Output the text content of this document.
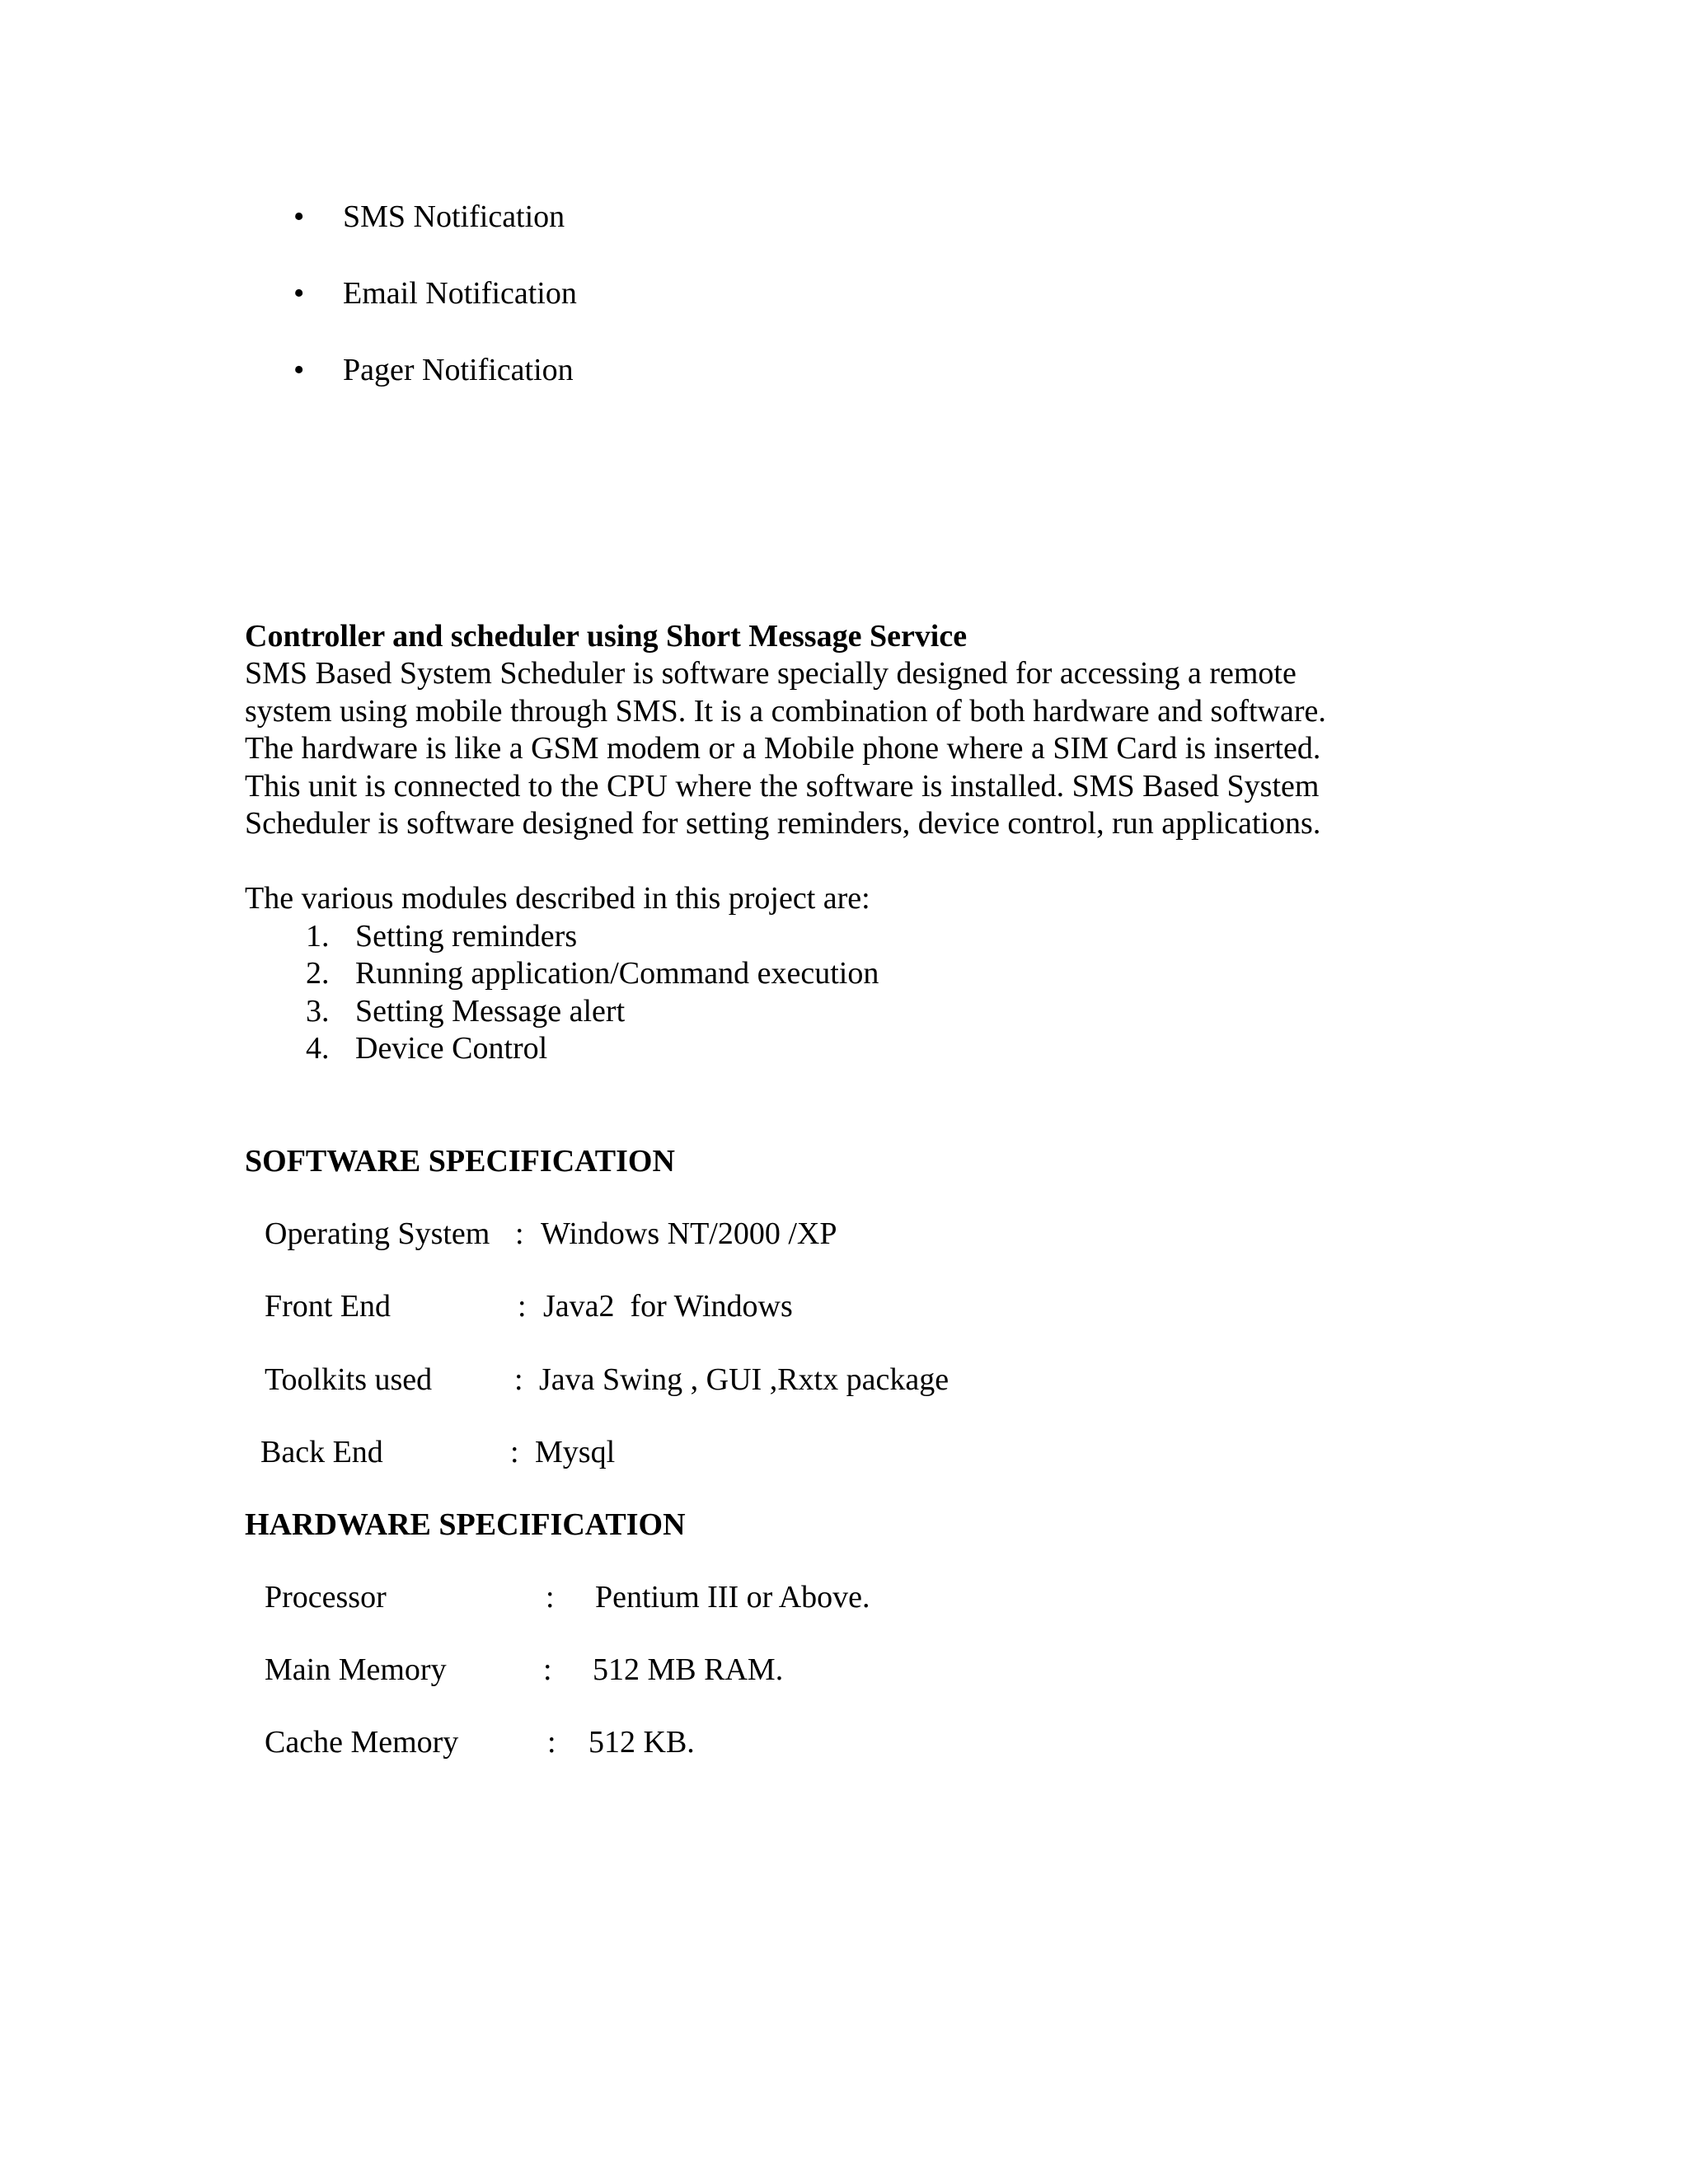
• SMS Notification
• Email Notification
• Pager Notification
Controller and scheduler using Short Message Service
SMS Based System Scheduler is software specially designed for accessing a remote
system using mobile through SMS. It is a combination of both hardware and software.
The hardware is like a GSM modem or a Mobile phone where a SIM Card is inserted.
This unit is connected to the CPU where the software is installed. SMS Based System
Scheduler is software designed for setting reminders, device control, run applications.
The various modules described in this project are:
1. Setting reminders
2. Running application/Command execution
3. Setting Message alert
4. Device Control
SOFTWARE SPECIFICATION
Operating System : Windows NT/2000 /XP
Front End	: Java2  for Windows
Toolkits used	: Java Swing , GUI ,Rxtx package
Back End	: Mysql
HARDWARE SPECIFICATION
Processor	: Pentium III or Above.
Main Memory	: 512 MB RAM.
Cache Memory	: 512 KB.
